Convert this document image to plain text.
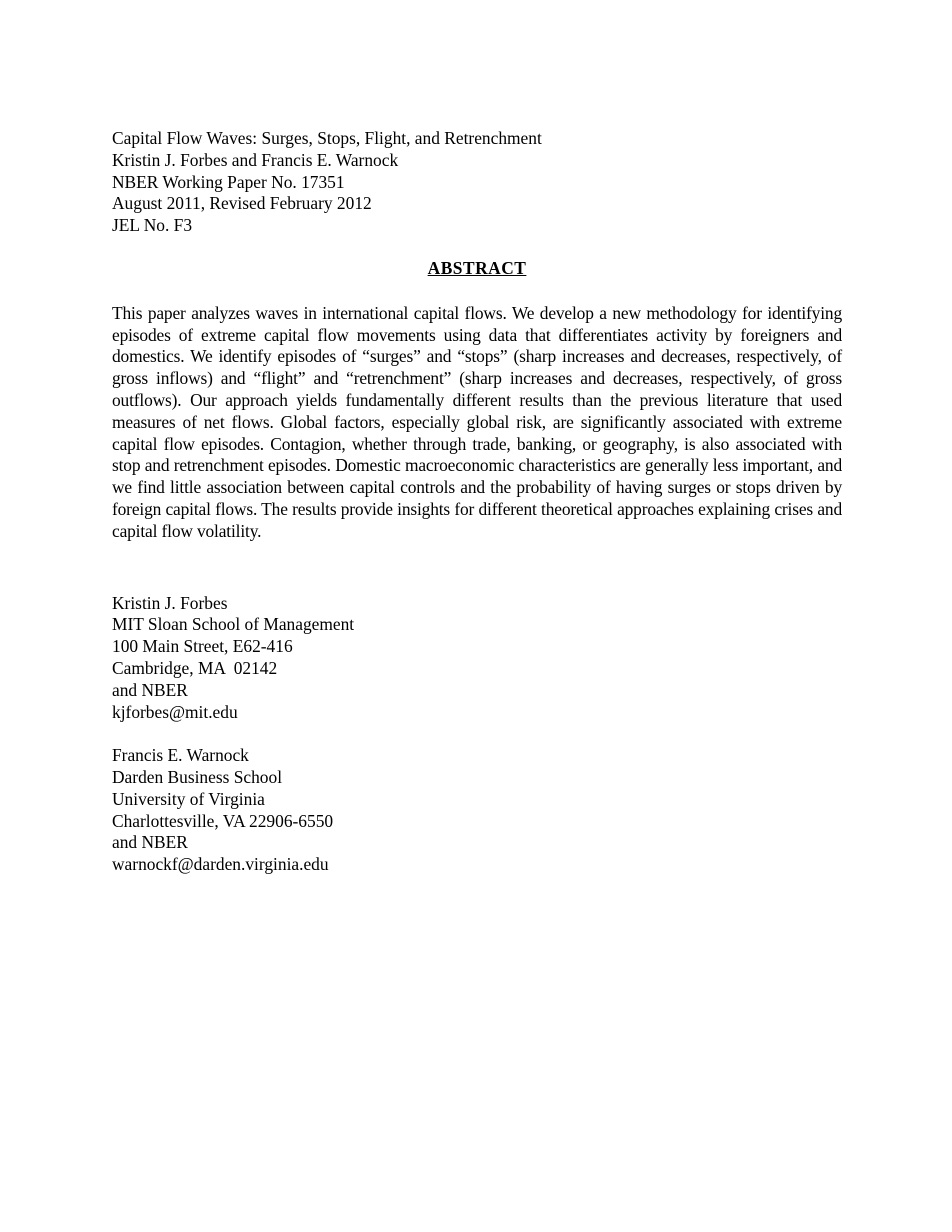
Capital Flow Waves: Surges, Stops, Flight, and Retrenchment
Kristin J. Forbes and Francis E. Warnock
NBER Working Paper No. 17351
August 2011, Revised February 2012
JEL No. F3
ABSTRACT

This paper analyzes waves in international capital flows. We develop a new methodology for identifying episodes of extreme capital flow movements using data that differentiates activity by foreigners and domestics. We identify episodes of “surges” and “stops” (sharp increases and decreases, respectively, of gross inflows) and “flight” and “retrenchment” (sharp increases and decreases, respectively, of gross outflows). Our approach yields fundamentally different results than the previous literature that used measures of net flows. Global factors, especially global risk, are significantly associated with extreme capital flow episodes. Contagion, whether through trade, banking, or geography, is also associated with stop and retrenchment episodes. Domestic macroeconomic characteristics are generally less important, and we find little association between capital controls and the probability of having surges or stops driven by foreign capital flows. The results provide insights for different theoretical approaches explaining crises and capital flow volatility.

Kristin J. Forbes
MIT Sloan School of Management
100 Main Street, E62-416
Cambridge, MA  02142
and NBER
kjforbes@mit.edu
Francis E. Warnock
Darden Business School
University of Virginia
Charlottesville, VA 22906-6550
and NBER
warnockf@darden.virginia.edu
